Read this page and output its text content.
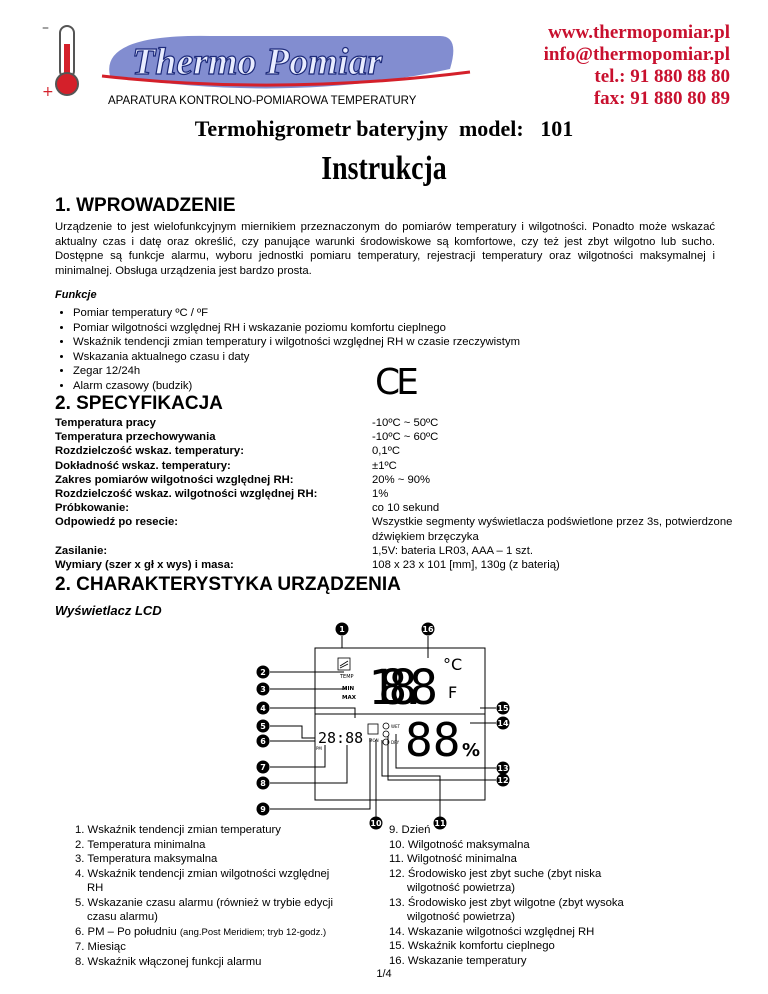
–
+
Thermo Pomiar
APARATURA KONTROLNO-POMIAROWA TEMPERATURY
www.thermopomiar.pl
info@thermopomiar.pl
tel.: 91 880 88 80
fax: 91 880 80 89
Termohigrometr bateryjny  model:   101
Instrukcja
1. WPROWADZENIE
Urządzenie to jest wielofunkcyjnym miernikiem przeznaczonym do pomiarów temperatury i wilgotności. Ponadto może wskazać aktualny czas i datę oraz określić, czy panujące warunki środowiskowe są komfortowe, czy też jest zbyt wilgotno lub sucho. Dostępne są funkcje alarmu, wyboru jednostki pomiaru temperatury, rejestracji temperatury oraz wilgotności maksymalnej i minimalnej. Obsługa urządzenia jest bardzo prosta.
Funkcje
• Pomiar temperatury ºC / ºF
• Pomiar wilgotności względnej RH i wskazanie poziomu komfortu cieplnego
• Wskaźnik tendencji zmian temperatury i wilgotności względnej RH w czasie rzeczywistym
• Wskazania aktualnego czasu i daty
• Zegar 12/24h
• Alarm czasowy (budzik)	CE
2. SPECYFIKACJA
Temperatura pracy	-10ºC ~ 50ºC
Temperatura przechowywania	-10ºC ~ 60ºC
Rozdzielczość wskaz. temperatury:	0,1ºC
Dokładność wskaz. temperatury:	±1ºC
Zakres pomiarów wilgotności względnej RH:	20% ~ 90%
Rozdzielczość wskaz. wilgotności względnej RH:	1%
Próbkowanie:	co 10 sekund
Odpowiedź po resecie:	Wszystkie segmenty wyświetlacza podświetlone przez 3s, potwierdzone dźwiękiem brzęczyka
Zasilanie:	1,5V: bateria LR03, AAA – 1 szt.
Wymiary (szer x gł x wys) i masa:	108 x 23 x 101 [mm], 130g (z baterią)
2. CHARAKTERYSTYKA URZĄDZENIA
Wyświetlacz LCD
TEMP
MIN
MAX 188.8 °C
F
28:88
PM
MON
WET
DRY 88 %
1	16
2
3
4
5
6
7
8
9
15
14
13
12
10	11
1. Wskaźnik tendencji zmian temperatury
2. Temperatura minimalna
3. Temperatura maksymalna
4. Wskaźnik tendencji zmian wilgotności względnej
RH
5. Wskazanie czasu alarmu (również w trybie edycji
czasu alarmu)
6. PM – Po południu (ang.Post Meridiem; tryb 12-godz.)
7. Miesiąc
8. Wskaźnik włączonej funkcji alarmu
9. Dzień
10. Wilgotność maksymalna
11. Wilgotność minimalna
12. Środowisko jest zbyt suche (zbyt niska
wilgotność powietrza)
13. Środowisko jest zbyt wilgotne (zbyt wysoka
wilgotność powietrza)
14. Wskazanie wilgotności względnej RH
15. Wskaźnik komfortu cieplnego
16. Wskazanie temperatury
1/4
